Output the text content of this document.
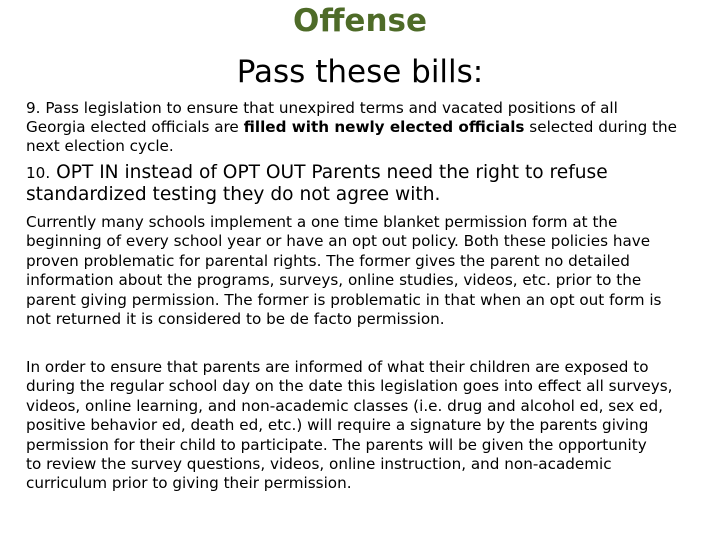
Offense
Pass these bills:
9. Pass legislation to ensure that unexpired terms and vacated positions of all
Georgia elected officials are filled with newly elected officials selected during the
next election cycle.
10. OPT IN instead of OPT OUT Parents need the right to refuse
standardized testing they do not agree with.
Currently many schools implement a one time blanket permission form at the
beginning of every school year or have an opt out policy. Both these policies have
proven problematic for parental rights. The former gives the parent no detailed
information about the programs, surveys, online studies, videos, etc. prior to the
parent giving permission. The former is problematic in that when an opt out form is
not returned it is considered to be de facto permission.
In order to ensure that parents are informed of what their children are exposed to
during the regular school day on the date this legislation goes into effect all surveys,
videos, online learning, and non-academic classes (i.e. drug and alcohol ed, sex ed,
positive behavior ed, death ed, etc.) will require a signature by the parents giving
permission for their child to participate. The parents will be given the opportunity
to review the survey questions, videos, online instruction, and non-academic
curriculum prior to giving their permission.
